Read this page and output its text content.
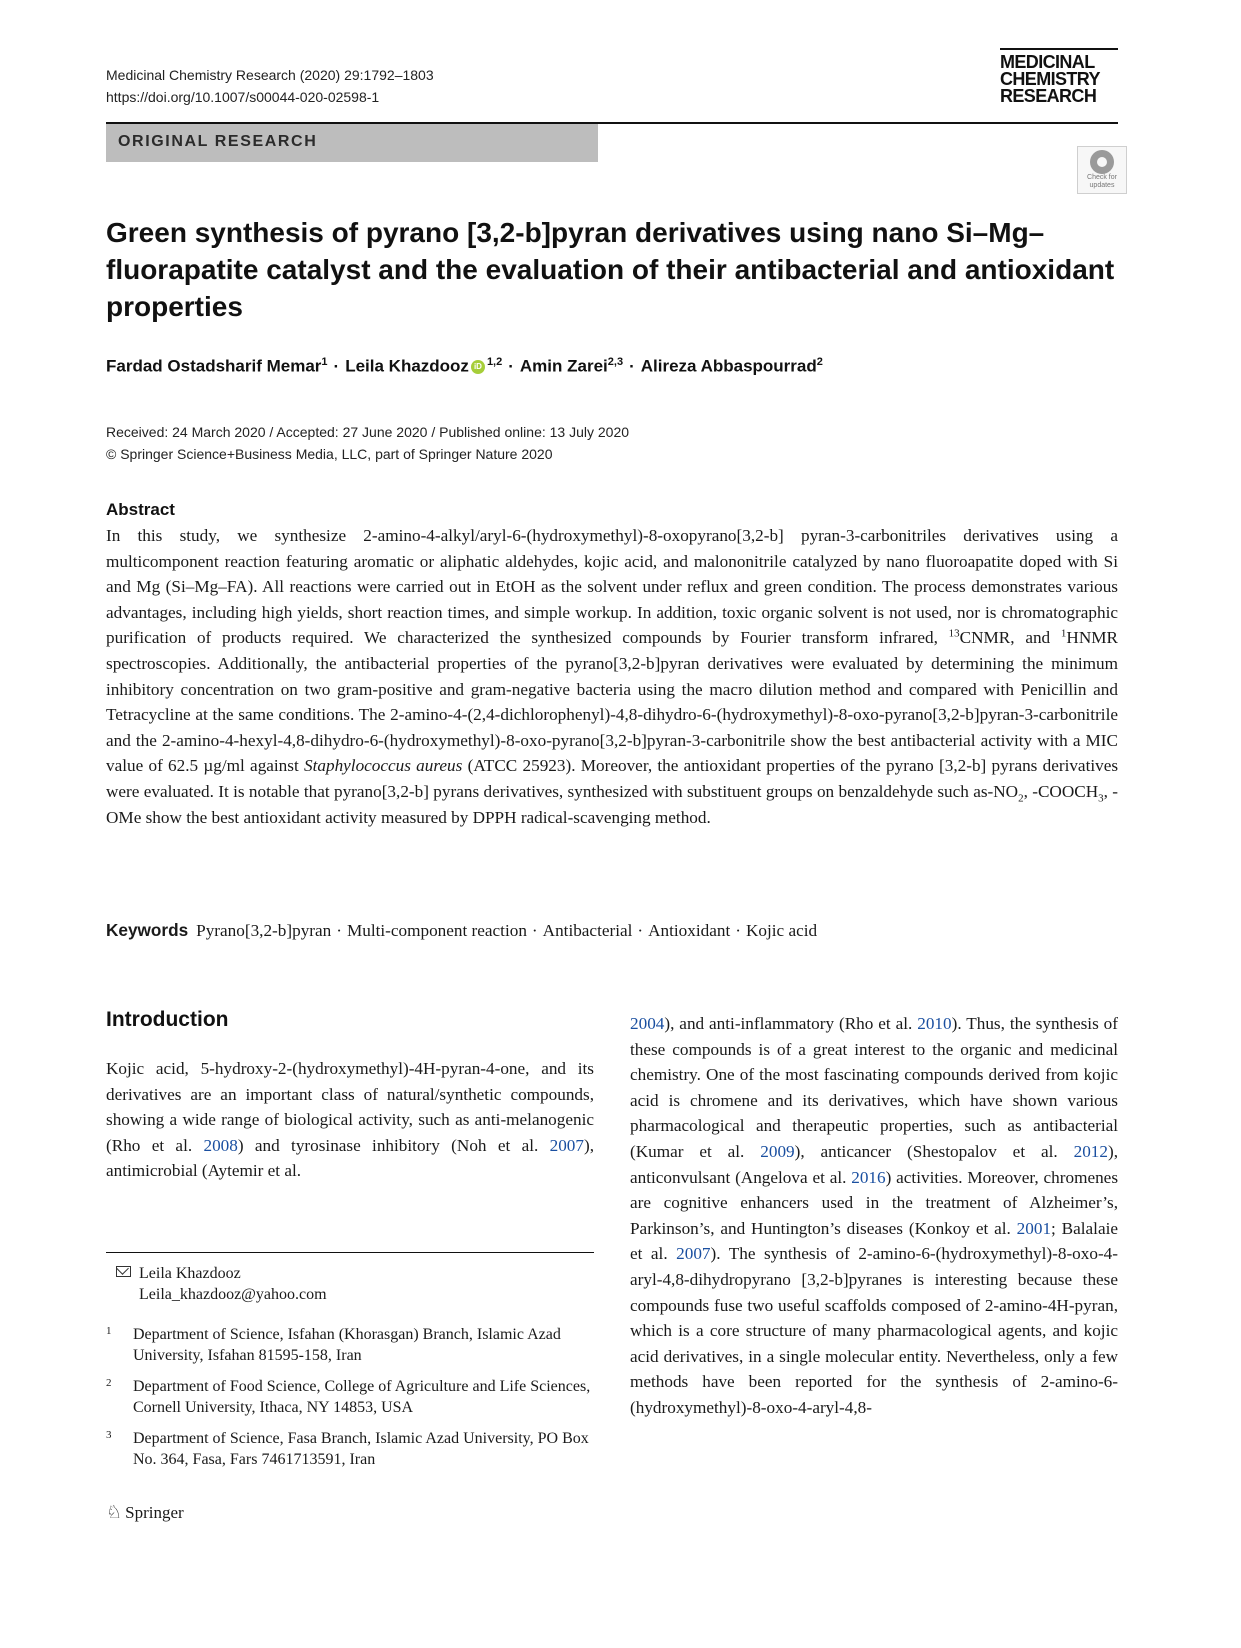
Medicinal Chemistry Research (2020) 29:1792–1803
https://doi.org/10.1007/s00044-020-02598-1
MEDICINAL
CHEMISTRY
RESEARCH
ORIGINAL RESEARCH
Check for
updates
Green synthesis of pyrano [3,2-b]pyran derivatives using nano Si–Mg–fluorapatite catalyst and the evaluation of their antibacterial and antioxidant properties
Fardad Ostadsharif Memar$^1$ · Leila Khazdooz iD $^{1,2}$ · Amin Zarei$^{2,3}$ · Alireza Abbaspourrad$^2$
Received: 24 March 2020 / Accepted: 27 June 2020 / Published online: 13 July 2020
© Springer Science+Business Media, LLC, part of Springer Nature 2020
Abstract
In this study, we synthesize 2-amino-4-alkyl/aryl-6-(hydroxymethyl)-8-oxopyrano[3,2-b] pyran-3-carbonitriles derivatives using a multicomponent reaction featuring aromatic or aliphatic aldehydes, kojic acid, and malononitrile catalyzed by nano fluoroapatite doped with Si and Mg (Si–Mg–FA). All reactions were carried out in EtOH as the solvent under reflux and green condition. The process demonstrates various advantages, including high yields, short reaction times, and simple workup. In addition, toxic organic solvent is not used, nor is chromatographic purification of products required. We characterized the synthesized compounds by Fourier transform infrared, $^{13}$CNMR, and $^1$HNMR spectroscopies. Additionally, the antibacterial properties of the pyrano[3,2-b]pyran derivatives were evaluated by determining the minimum inhibitory concentration on two gram-positive and gram-negative bacteria using the macro dilution method and compared with Penicillin and Tetracycline at the same conditions. The 2-amino-4-(2,4-dichlorophenyl)-4,8-dihydro-6-(hydroxymethyl)-8-oxo-pyrano[3,2-b]pyran-3-carbonitrile and the 2-amino-4-hexyl-4,8-dihydro-6-(hydroxymethyl)-8-oxo-pyrano[3,2-b]pyran-3-carbonitrile show the best antibacterial activity with a MIC value of 62.5 µg/ml against Staphylococcus aureus (ATCC 25923). Moreover, the antioxidant properties of the pyrano [3,2-b] pyrans derivatives were evaluated. It is notable that pyrano[3,2-b] pyrans derivatives, synthesized with substituent groups on benzaldehyde such $as-NO_2$, $-COOCH_3$, -OMe show the best antioxidant activity measured by DPPH radical-scavenging method.
Keywords Pyrano[3,2-b]pyran · Multi-component reaction · Antibacterial · Antioxidant · Kojic acid
Introduction
Kojic acid, 5-hydroxy-2-(hydroxymethyl)-4H-pyran-4-one, and its derivatives are an important class of natural/synthetic compounds, showing a wide range of biological activity, such as anti-melanogenic (Rho et al. 2008) and tyrosinase inhibitory (Noh et al. 2007), antimicrobial (Aytemir et al.
2004), and anti-inflammatory (Rho et al. 2010). Thus, the synthesis of these compounds is of a great interest to the organic and medicinal chemistry. One of the most fascinating compounds derived from kojic acid is chromene and its derivatives, which have shown various pharmacological and therapeutic properties, such as antibacterial (Kumar et al. 2009), anticancer (Shestopalov et al. 2012), anticonvulsant (Angelova et al. 2016) activities. Moreover, chromenes are cognitive enhancers used in the treatment of Alzheimer’s, Parkinson’s, and Huntington’s diseases (Konkoy et al. 2001; Balalaie et al. 2007). The synthesis of 2-amino-6-(hydroxymethyl)-8-oxo-4-aryl-4,8-dihydropyrano [3,2-b]pyranes is interesting because these compounds fuse two useful scaffolds composed of 2-amino-4H-pyran, which is a core structure of many pharmacological agents, and kojic acid derivatives, in a single molecular entity. Nevertheless, only a few methods have been reported for the synthesis of 2-amino-6-(hydroxymethyl)-8-oxo-4-aryl-4,8-
Leila Khazdooz
Leila_khazdooz@yahoo.com
1 Department of Science, Isfahan (Khorasgan) Branch, Islamic Azad University, Isfahan 81595-158, Iran
2 Department of Food Science, College of Agriculture and Life Sciences, Cornell University, Ithaca, NY 14853, USA
3 Department of Science, Fasa Branch, Islamic Azad University, PO Box No. 364, Fasa, Fars 7461713591, Iran
♘ Springer
